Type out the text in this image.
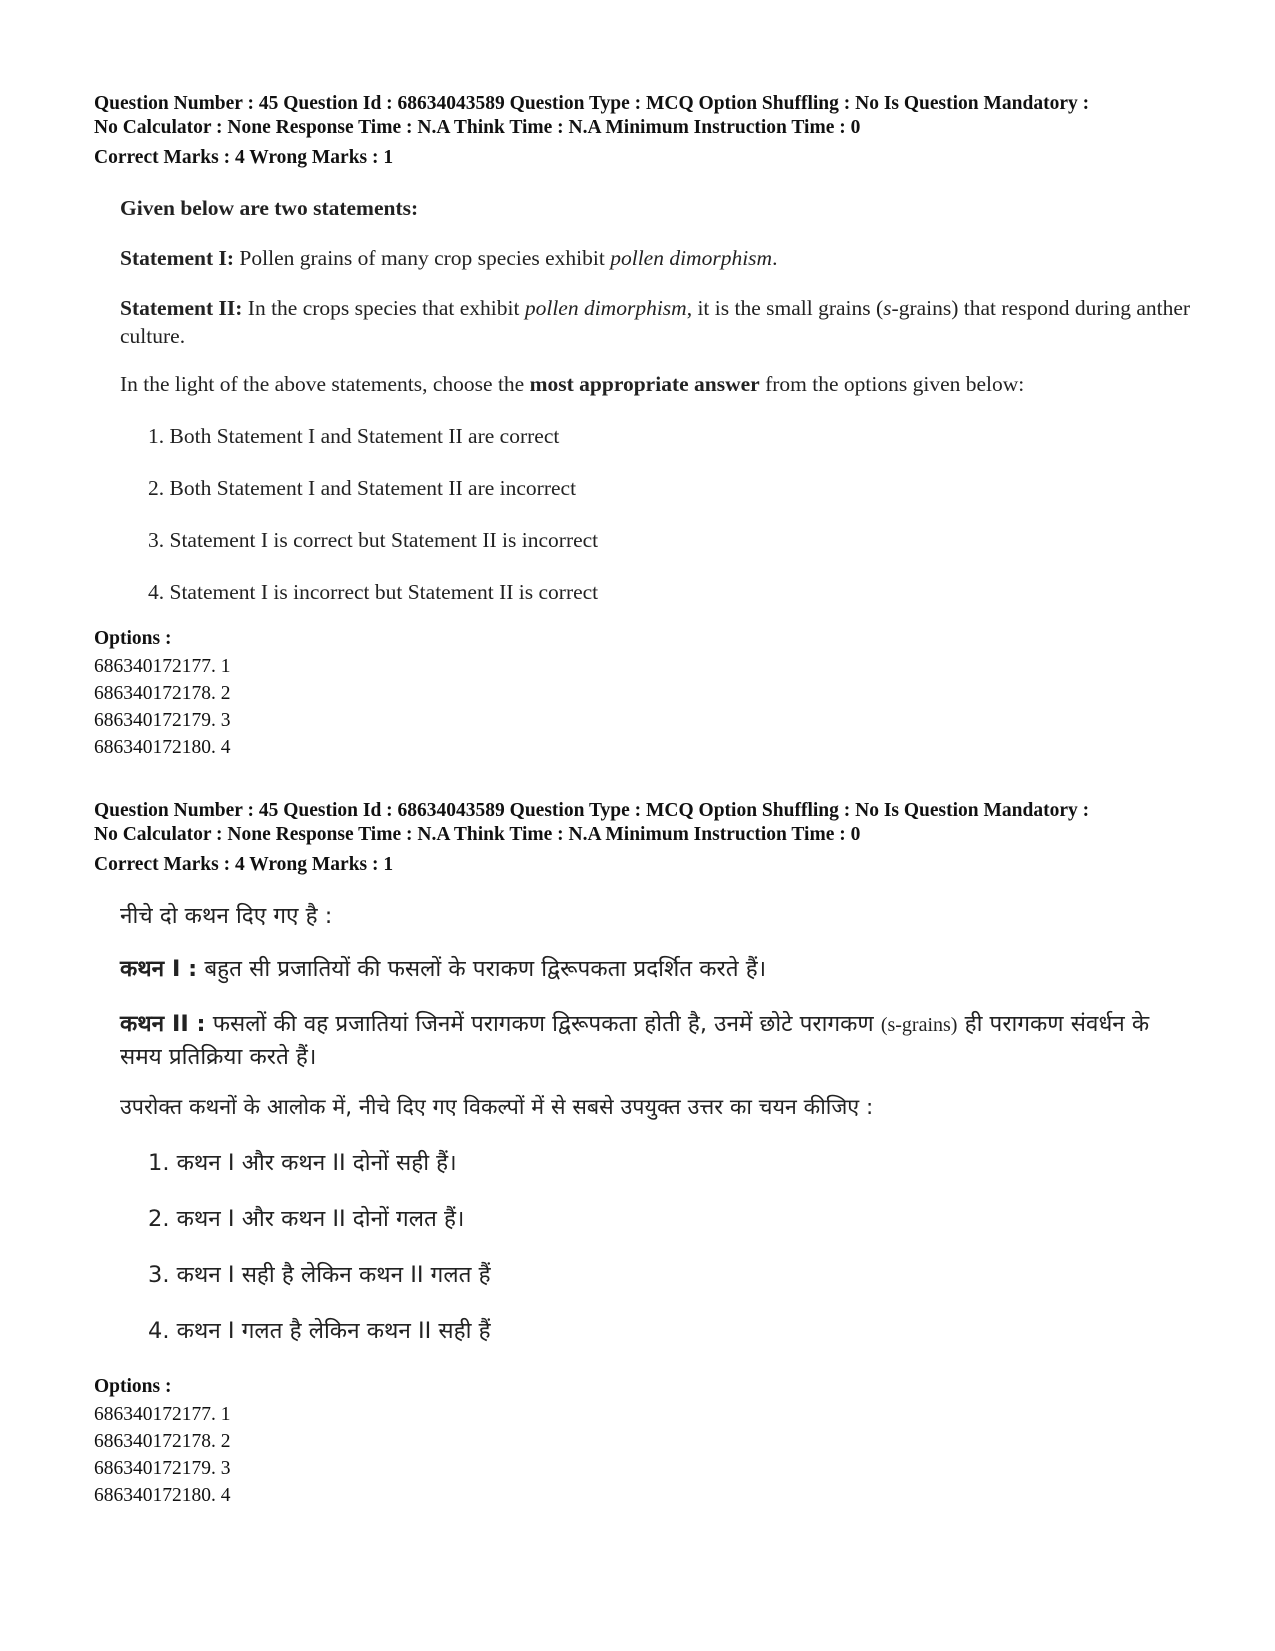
Question Number : 45 Question Id : 68634043589 Question Type : MCQ Option Shuffling : No Is Question Mandatory :
No Calculator : None Response Time : N.A Think Time : N.A Minimum Instruction Time : 0
Correct Marks : 4 Wrong Marks : 1
Given below are two statements:
Statement I: Pollen grains of many crop species exhibit pollen dimorphism.
Statement II: In the crops species that exhibit pollen dimorphism, it is the small grains (s-grains) that respond during anther culture.
In the light of the above statements, choose the most appropriate answer from the options given below:
1. Both Statement I and Statement II are correct
2. Both Statement I and Statement II are incorrect
3. Statement I is correct but Statement II is incorrect
4. Statement I is incorrect but Statement II is correct
Options :
686340172177. 1
686340172178. 2
686340172179. 3
686340172180. 4
Question Number : 45 Question Id : 68634043589 Question Type : MCQ Option Shuffling : No Is Question Mandatory :
No Calculator : None Response Time : N.A Think Time : N.A Minimum Instruction Time : 0
Correct Marks : 4 Wrong Marks : 1
नीचे दो कथन दिए गए है :
कथन I : बहुत सी प्रजातियों की फसलों के पराकण द्विरूपकता प्रदर्शित करते हैं।
कथन II : फसलों की वह प्रजातियां जिनमें परागकण द्विरूपकता होती है, उनमें छोटे परागकण (s-grains) ही परागकण संवर्धन के समय प्रतिक्रिया करते हैं।
उपरोक्त कथनों के आलोक में, नीचे दिए गए विकल्पों में से सबसे उपयुक्त उत्तर का चयन कीजिए :
1. कथन I और कथन II दोनों सही हैं।
2. कथन I और कथन II दोनों गलत हैं।
3. कथन I सही है लेकिन कथन II गलत हैं
4. कथन I गलत है लेकिन कथन II सही हैं
Options :
686340172177. 1
686340172178. 2
686340172179. 3
686340172180. 4
